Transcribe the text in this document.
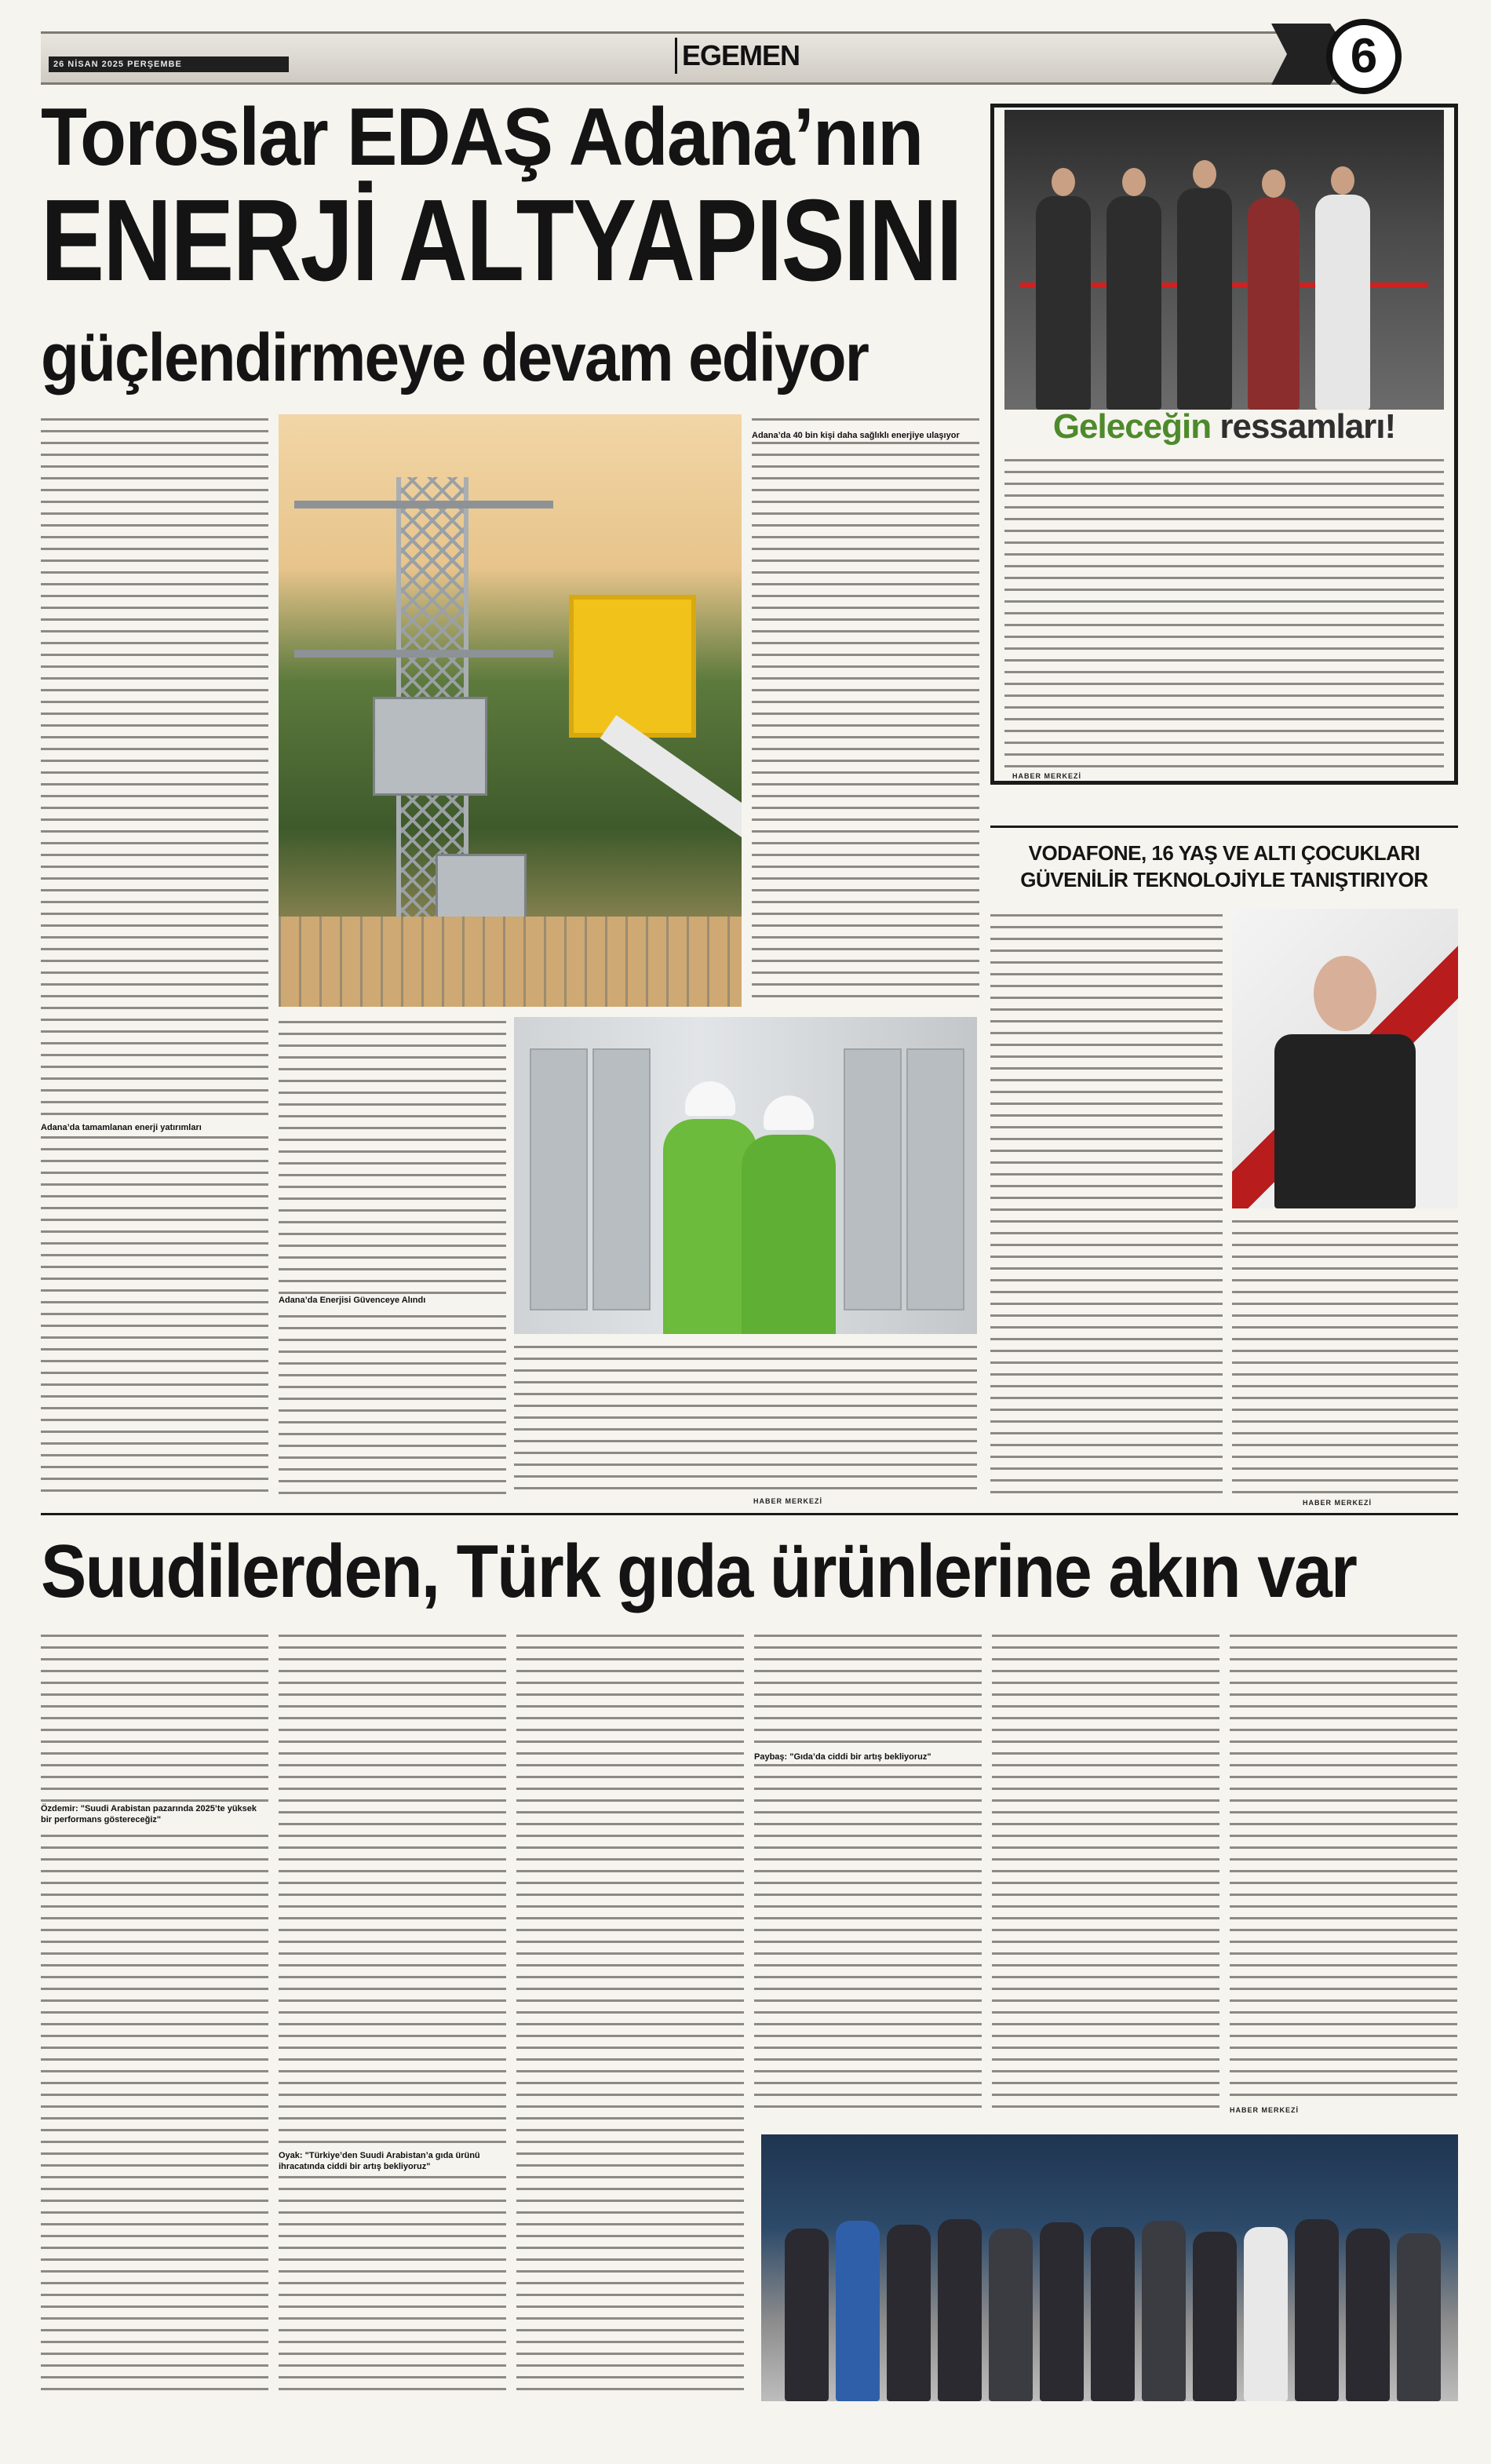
26 NİSAN 2025 PERŞEMBE	EGEMEN	6
Toroslar EDAŞ Adana’nın
ENERJİ ALTYAPISINI
güçlendirmeye devam ediyor
Adana’da tamamlanan enerji yatırımları
Adana’da Enerjisi Güvenceye Alındı
Adana’da 40 bin kişi daha sağlıklı enerjiye ulaşıyor
HABER MERKEZİ
Geleceğin ressamları!
HABER MERKEZİ
VODAFONE, 16 YAŞ VE ALTI ÇOCUKLARI GÜVENİLİR TEKNOLOJİYLE TANIŞTIRIYOR
HABER MERKEZİ
Suudilerden, Türk gıda ürünlerine akın var
Özdemir: "Suudi Arabistan pazarında 2025’te yüksek bir performans göstereceğiz"
Oyak: "Türkiye’den Suudi Arabistan’a gıda ürünü ihracatında ciddi bir artış bekliyoruz"
Paybaş: "Gıda’da ciddi bir artış bekliyoruz"
HABER MERKEZİ
